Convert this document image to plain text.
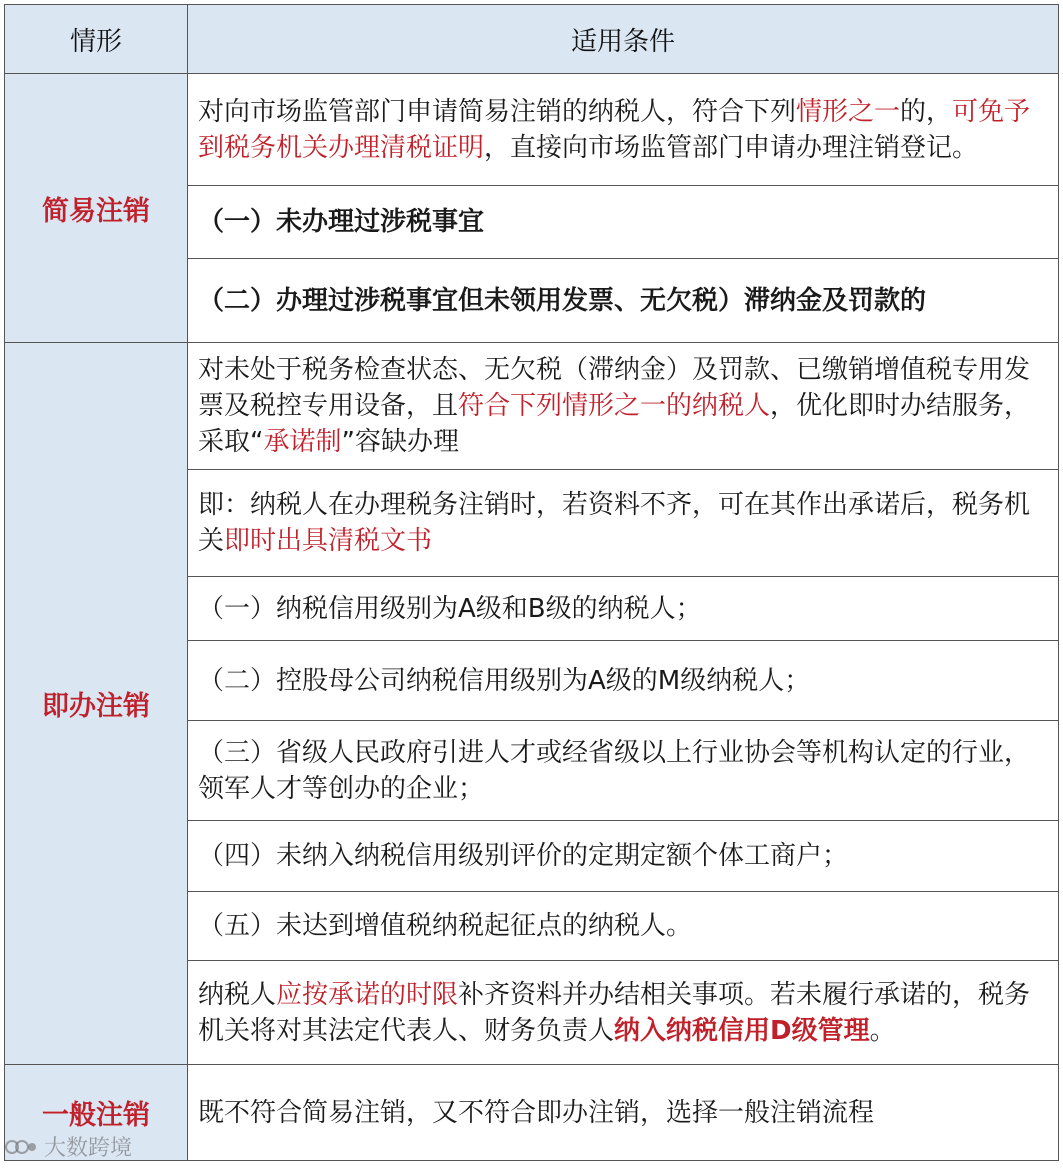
情形	适用条件
简易注销	对向市场监管部门申请简易注销的纳税人，符合下列情形之一的，可免予到税务机关办理清税证明，直接向市场监管部门申请办理注销登记。
	（一）未办理过涉税事宜
	（二）办理过涉税事宜但未领用发票、无欠税）滞纳金及罚款的
即办注销	对未处于税务检查状态、无欠税（滞纳金）及罚款、已缴销增值税专用发票及税控专用设备，且符合下列情形之一的纳税人，优化即时办结服务，采取“承诺制”容缺办理
	即：纳税人在办理税务注销时，若资料不齐，可在其作出承诺后，税务机关即时出具清税文书
	（一）纳税信用级别为A级和B级的纳税人；
	（二）控股母公司纳税信用级别为A级的M级纳税人；
	（三）省级人民政府引进人才或经省级以上行业协会等机构认定的行业，领军人才等创办的企业；
	（四）未纳入纳税信用级别评价的定期定额个体工商户；
	（五）未达到增值税纳税起征点的纳税人。
	纳税人应按承诺的时限补齐资料并办结相关事项。若未履行承诺的，税务机关将对其法定代表人、财务负责人纳入纳税信用D级管理。
一般注销	既不符合简易注销，又不符合即办注销，选择一般注销流程
大数跨境
